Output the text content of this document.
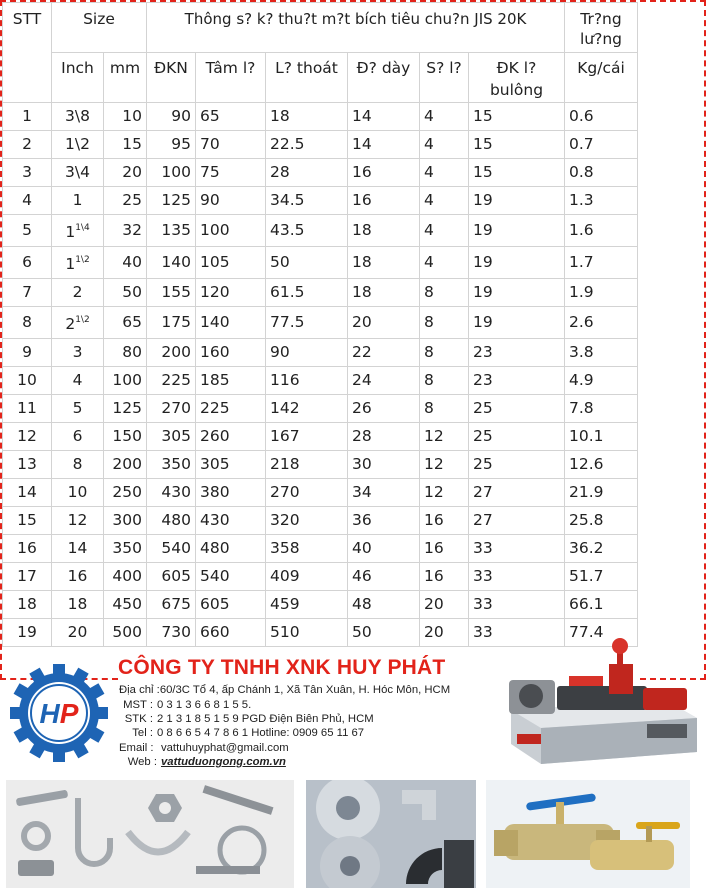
STT	Size		Thông s? k? thu?t m?t bích tiêu chu?n JIS 20K						Tr?ng lư?ng
	Inch	mm	ĐKN	Tâm l?	L? thoát	Đ? dày	S? l?	ĐK l? bulông	Kg/cái
1	3\8	10	90	65	18	14	4	15	0.6
2	1\2	15	95	70	22.5	14	4	15	0.7
3	3\4	20	100	75	28	16	4	15	0.8
4	1	25	125	90	34.5	16	4	19	1.3
5	$1^{1\backslash 4}$	32	135	100	43.5	18	4	19	1.6
6	$1^{1\backslash 2}$	40	140	105	50	18	4	19	1.7
7	2	50	155	120	61.5	18	8	19	1.9
8	$2^{1\backslash 2}$	65	175	140	77.5	20	8	19	2.6
9	3	80	200	160	90	22	8	23	3.8
10	4	100	225	185	116	24	8	23	4.9
11	5	125	270	225	142	26	8	25	7.8
12	6	150	305	260	167	28	12	25	10.1
13	8	200	350	305	218	30	12	25	12.6
14	10	250	430	380	270	34	12	27	21.9
15	12	300	480	430	320	36	16	27	25.8
16	14	350	540	480	358	40	16	33	36.2
17	16	400	605	540	409	46	16	33	51.7
18	18	450	675	605	459	48	20	33	66.1
19	20	500	730	660	510	50	20	33	77.4
HP
CÔNG TY TNHH XNK HUY PHÁT
Địa chỉ :60/3C Tổ 4, ấp Chánh 1, Xã Tân Xuân, H. Hóc Môn, HCM
MST : 0 3 1 3 6 6 8 1 5 5.
STK : 2 1 3 1 8 5 1 5 9 PGD Điện Biên Phủ, HCM
Tel : 0 8 6 6 5 4 7 8 6 1 Hotline: 0909 65 11 67
Email : vattuhuyphat@gmail.com
Web : vattuduongong.com.vn
